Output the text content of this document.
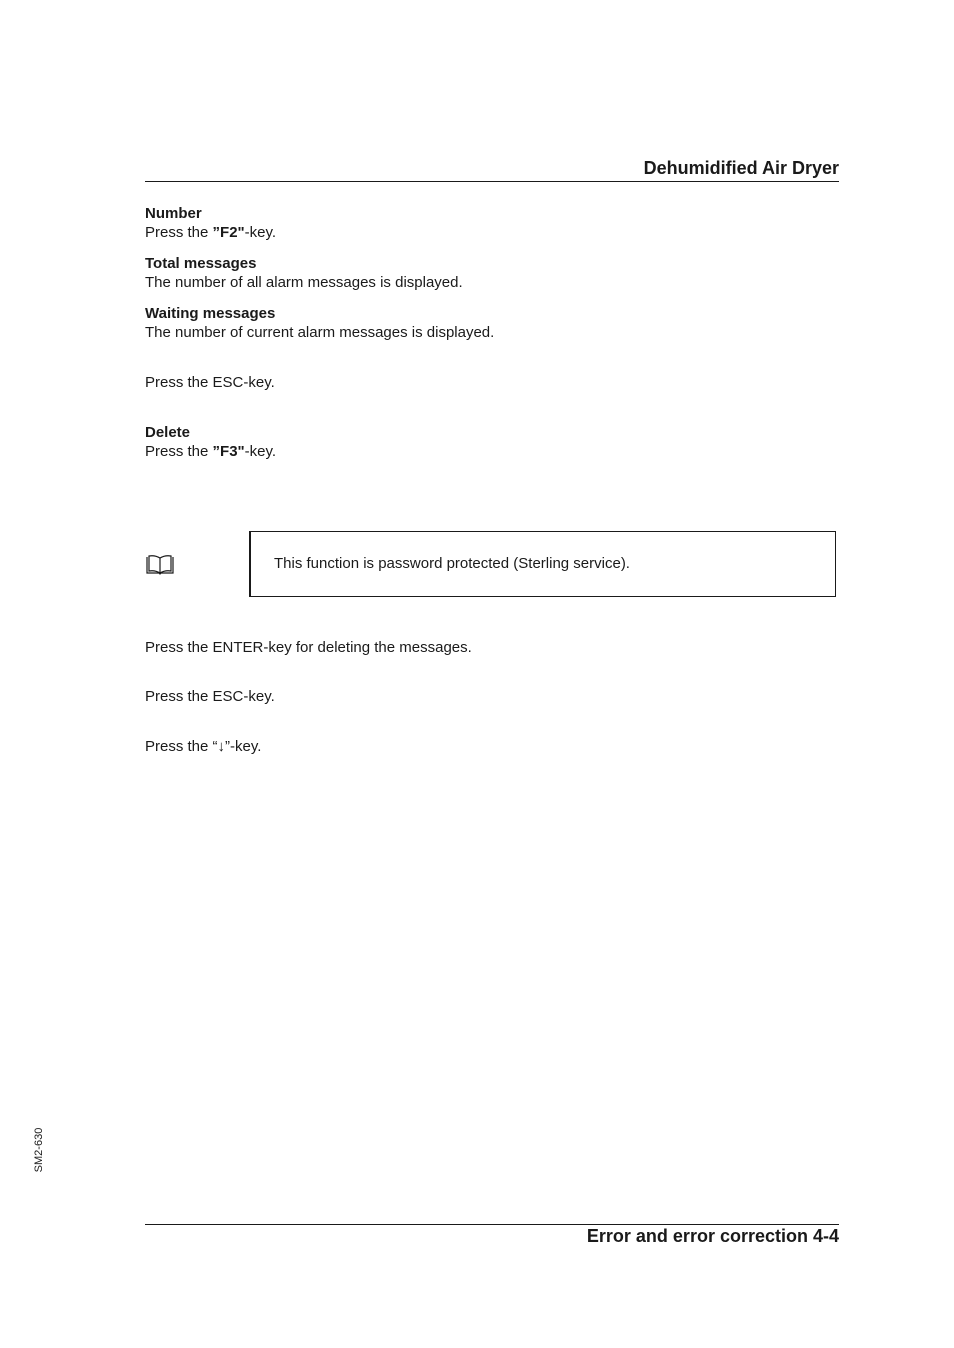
Dehumidified Air Dryer
Number
Press the ”F2"-key.
Total messages
The number of all alarm messages is displayed.
Waiting messages
The number of current alarm messages is displayed.
Press the ESC-key.
Delete
Press the ”F3"-key.
This function is password protected (Sterling service).
Press the ENTER-key for deleting the messages.
Press the ESC-key.
Press the “↓”-key.
SM2-630
Error and error correction 4-4
